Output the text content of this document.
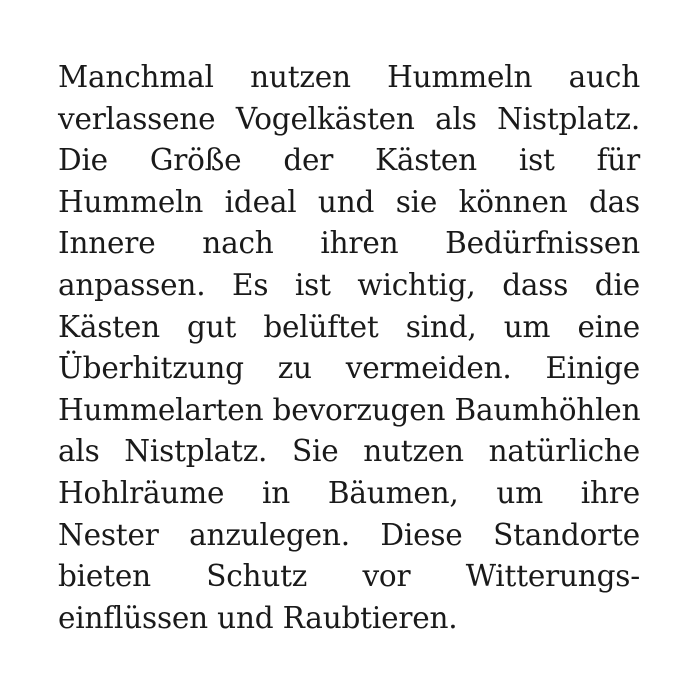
Manchmal nutzen Hummeln auch
verlassene Vogelkästen als Nistplatz.
Die Größe der Kästen ist für
Hummeln ideal und sie können das
Innere nach ihren Bedürfnissen
anpassen. Es ist wichtig, dass die
Kästen gut belüftet sind, um eine
Überhitzung zu vermeiden. Einige
Hummelarten bevorzugen Baumhöhlen
als Nistplatz. Sie nutzen natürliche
Hohlräume in Bäumen, um ihre
Nester anzulegen. Diese Standorte
bieten Schutz vor Witterungs-
einflüssen und Raubtieren.
